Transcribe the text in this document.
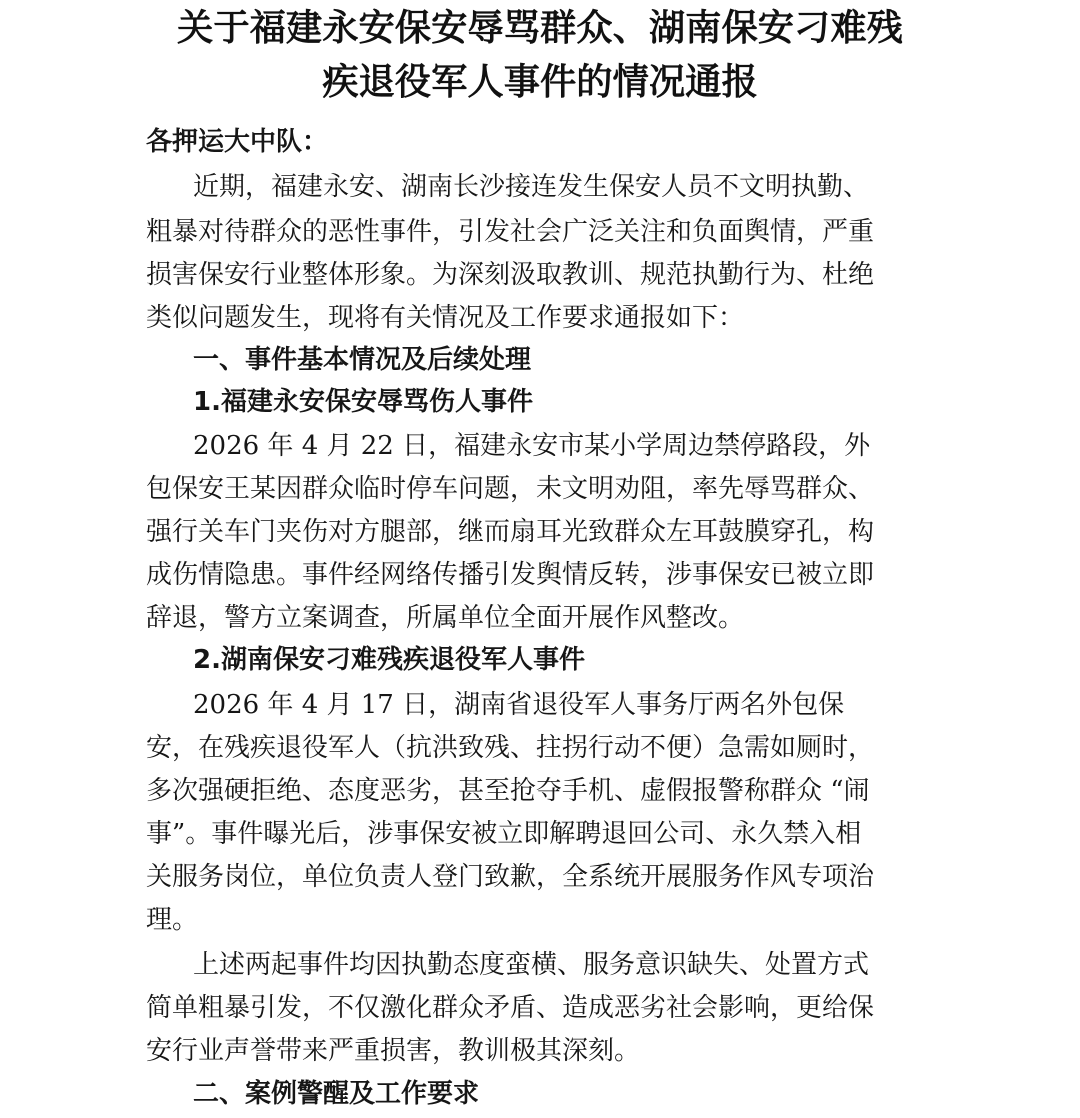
关于福建永安保安辱骂群众、湖南保安刁难残
疾退役军人事件的情况通报
各押运大中队：
近期，福建永安、湖南长沙接连发生保安人员不文明执勤、
粗暴对待群众的恶性事件，引发社会广泛关注和负面舆情，严重
损害保安行业整体形象。为深刻汲取教训、规范执勤行为、杜绝
类似问题发生，现将有关情况及工作要求通报如下：
一、事件基本情况及后续处理
1.福建永安保安辱骂伤人事件
2026 年 4 月 22 日，福建永安市某小学周边禁停路段，外
包保安王某因群众临时停车问题，未文明劝阻，率先辱骂群众、
强行关车门夹伤对方腿部，继而扇耳光致群众左耳鼓膜穿孔，构
成伤情隐患。事件经网络传播引发舆情反转，涉事保安已被立即
辞退，警方立案调查，所属单位全面开展作风整改。
2.湖南保安刁难残疾退役军人事件
2026 年 4 月 17 日，湖南省退役军人事务厅两名外包保
安，在残疾退役军人（抗洪致残、拄拐行动不便）急需如厕时，
多次强硬拒绝、态度恶劣，甚至抢夺手机、虚假报警称群众 “闹
事”。事件曝光后，涉事保安被立即解聘退回公司、永久禁入相
关服务岗位，单位负责人登门致歉，全系统开展服务作风专项治
理。
上述两起事件均因执勤态度蛮横、服务意识缺失、处置方式
简单粗暴引发，不仅激化群众矛盾、造成恶劣社会影响，更给保
安行业声誉带来严重损害，教训极其深刻。
二、案例警醒及工作要求
